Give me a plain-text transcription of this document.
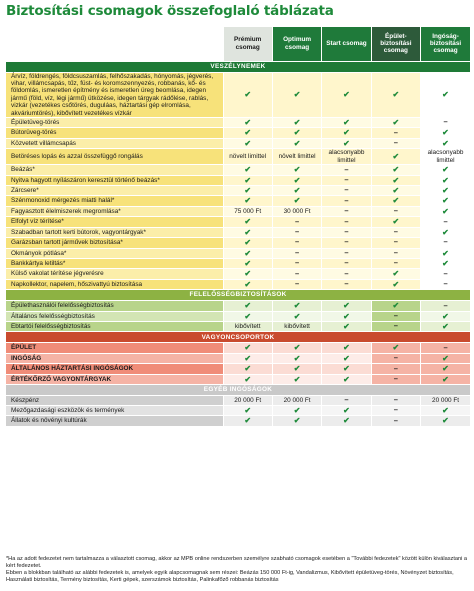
Biztosítási csomagok összefoglaló táblázata
	Prémium csomag	Optimum csomag	Start csomag	Épület-biztosítási csomag	Ingóság-biztosítási csomag
VESZÉLYNEMEK					
Árvíz, földrengés, földcsuszamlás, felhőszakadás, hónyomás, jégverés, vihar, villámcsapás, tűz, füst- és koromszennyezés, robbanás, kő- és földomlás, ismeretlen építmény és ismeretlen üreg beomlása, idegen jármű (föld, víz, légi jármű) ütközése, idegen tárgyak rádőlése, rablás, vizkár (vezetékes csőtörés, duguláas, háztartási gép elromlása, akváriumtörés), kibővített vezetékes vízkár	✔	✔	✔	✔	✔
Épületüveg-törés	✔	✔	✔	✔	–
Bútorüveg-törés	✔	✔	✔	–	✔
Közvetett villámcsapás	✔	✔	✔	–	✔
Betöréses lopás és azzal összefüggő rongálás	növelt limittel	növelt limittel	alacsonyabb limittel	✔	alacsonyabb limittel
Beázás*	✔	✔	–	✔	✔
Nyitva hagyott nyílászáron keresztül történő beázás*	✔	✔	–	✔	✔
Zárcsere*	✔	✔	–	✔	✔
Szénmonoxid mérgezés miatti halál*	✔	✔	–	✔	✔
Fagyasztott élelmiszerek megromlása*	75 000 Ft	30 000 Ft	–	–	✔
Elfolyt víz térítése*	✔	–	–	✔	–
Szabadban tartott kerti bútorok, vagyontárgyak*	✔	–	–	–	✔
Garázsban tartott járművek biztosítása*	✔	–	–	–	–
Okmányok pótlása*	✔	–	–	–	✔
Bankkártya letiltás*	✔	–	–	–	✔
Külső vakolat térítése jégverésre	✔	–	–	✔	–
Napkollektor, napelem, hőszivattyú biztosítása	✔	–	–	✔	–
FELELŐSSÉGBIZTOSÍTÁSOK					
Épülethasználói felelősségbiztosítás	✔	✔	✔	✔	–
Általános felelősségbiztosítás	✔	✔	✔	–	✔
Ebtartói felelősségbiztosítás	kibővített	kibővített	✔	–	✔
VAGYONCSOPORTOK					
ÉPÜLET	✔	✔	✔	✔	–
INGÓSÁG	✔	✔	✔	–	✔
ÁLTALÁNOS HÁZTARTÁSI INGÓSÁGOK	✔	✔	✔	–	✔
ÉRTÉKŐRZŐ VAGYONTÁRGYAK	✔	✔	✔	–	✔
EGYÉB INGÓSÁGOK					
Készpénz	20 000 Ft	20 000 Ft	–	–	20 000 Ft
Mezőgazdasági eszközök és termények	✔	✔	✔	–	✔
Állatok és növényi kultúrák	✔	✔	✔	–	✔
*Ha az adott fedezetet nem tartalmazza a választott csomag, akkor az MPB online rendszerben személyre szabható csomagok esetében a "További fedezetek" között külön kiválasztani a kért fedezetet.
Ebben a blokkban található az alábbi fedezetek is, amelyek egyik alapcsomagnak sem részei: Beázás 150 000 Ft-ig, Vandalizmus, Kibővített épületüveg-törés, Növényzet biztosítás, Használati biztosítás, Termény biztosítás, Kerti gépek, szerszámok biztosítás, Palinkafőző robbanás biztosítás
